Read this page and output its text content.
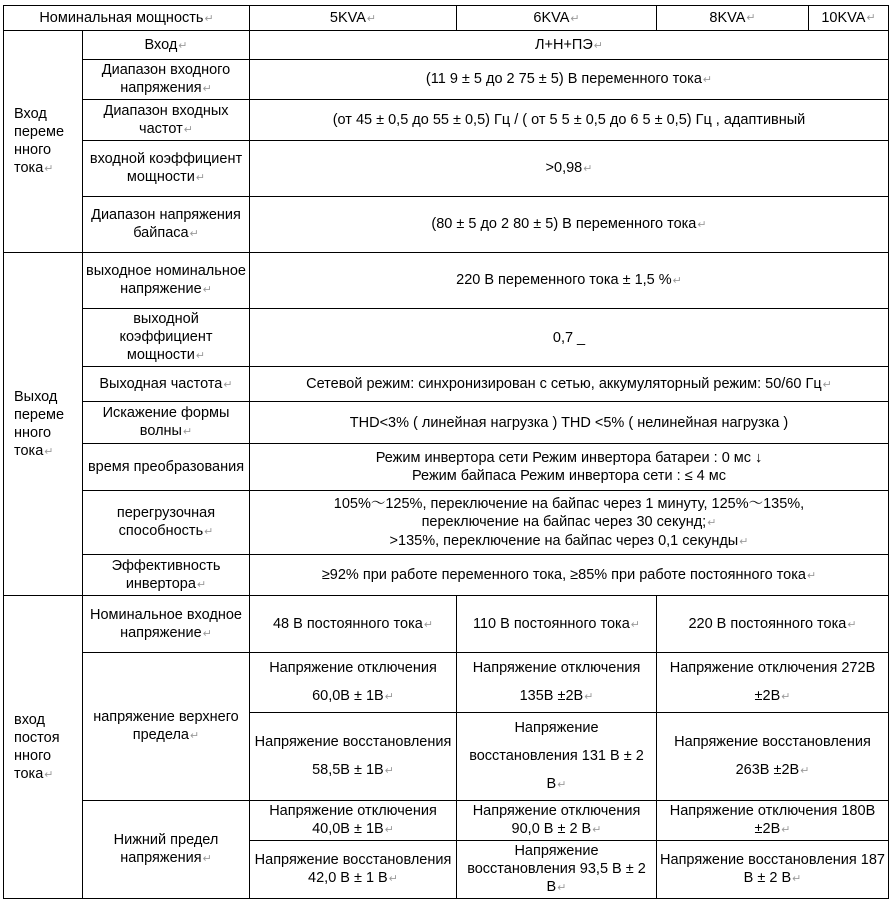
Номинальная мощность↵		5KVA↵	6KVA↵	8KVA ↵ 10KVA ↵

Вход
переме
нного
тока↵	Вход↵	Л+Н+ПЭ↵		
	Диапазон входного напряжения↵	(11 9 ± 5 до 2 75 ± 5) В переменного тока↵		
	Диапазон входных частот↵	(от 45 ± 0,5 до 55 ± 0,5) Гц / ( от 5 5 ± 0,5 до 6 5 ± 0,5) Гц , адаптивный		
	входной коэффициент мощности↵	>0,98↵		
	Диапазон напряжения байпаса↵	(80 ± 5 до 2 80 ± 5) В переменного тока↵		
Выход
переме
нного
тока↵	выходное номинальное напряжение↵	220 В переменного тока ± 1,5 %↵		
	выходной коэффициент мощности↵	0,7 _		
	Выходная частота↵	Сетевой режим: синхронизирован с сетью, аккумуляторный режим: 50/60 Гц↵		
	Искажение формы волны↵	THD<3% ( линейная нагрузка ) THD <5% ( нелинейная нагрузка )		
	время преобразования	Режим инвертора сети Режим инвертора батареи : 0 мс ↓
Режим байпаса Режим инвертора сети : ≤ 4 мс		

	перегрузочная способность↵	105%～125%, переключение на байпас через 1 минуту, 125%～135%,
переключение на байпас через 30 секунд;↵
>135%, переключение на байпас через 0,1 секунды↵		

	Эффективность инвертора↵	≥92% при работе переменного тока, ≥85% при работе постоянного тока↵		
вход
постоя
нного
тока↵	Номинальное входное напряжение↵	48 В постоянного тока↵	110 В постоянного тока↵	220 В постоянного тока↵
	напряжение верхнего предела↵	Напряжение отключения 60,0В ± 1В↵	Напряжение отключения 135В ±2В↵	Напряжение отключения 272В ±2В↵
		Напряжение восстановления 58,5В ± 1В↵	Напряжение восстановления 131 В ± 2 В↵	Напряжение восстановления 263В ±2В↵
	Нижний предел напряжения↵	Напряжение отключения 40,0В ± 1В↵	Напряжение отключения 90,0 В ± 2 В↵	Напряжение отключения 180В ±2В↵
		Напряжение восстановления 42,0 В ± 1 В↵	Напряжение восстановления 93,5 В ± 2 В↵	Напряжение восстановления 187 В ± 2 В↵
